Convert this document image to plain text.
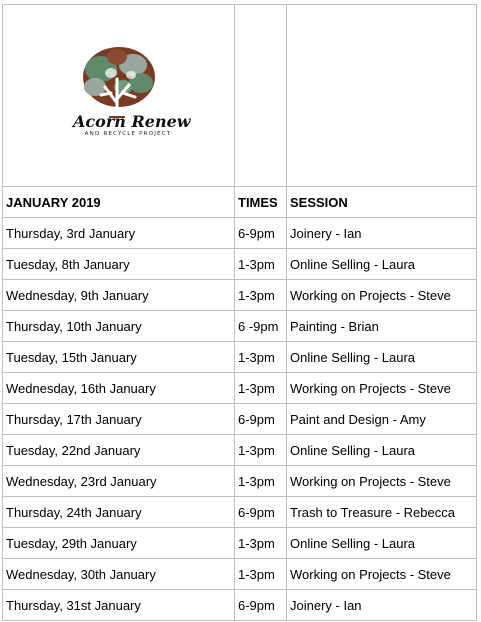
Acorn Renew
AND RECYCLE PROJECT		

JANUARY 2019	TIMES	SESSION
Thursday, 3rd January	6-9pm	Joinery - Ian
Tuesday, 8th January	1-3pm	Online Selling - Laura
Wednesday, 9th January	1-3pm	Working on Projects - Steve
Thursday, 10th January	6 -9pm	Painting - Brian
Tuesday, 15th January	1-3pm	Online Selling - Laura
Wednesday, 16th January	1-3pm	Working on Projects - Steve
Thursday, 17th January	6-9pm	Paint and Design - Amy
Tuesday, 22nd January	1-3pm	Online Selling - Laura
Wednesday, 23rd January	1-3pm	Working on Projects - Steve
Thursday, 24th January	6-9pm	Trash to Treasure - Rebecca
Tuesday, 29th January	1-3pm	Online Selling - Laura
Wednesday, 30th January	1-3pm	Working on Projects - Steve
Thursday, 31st January	6-9pm	Joinery - Ian
